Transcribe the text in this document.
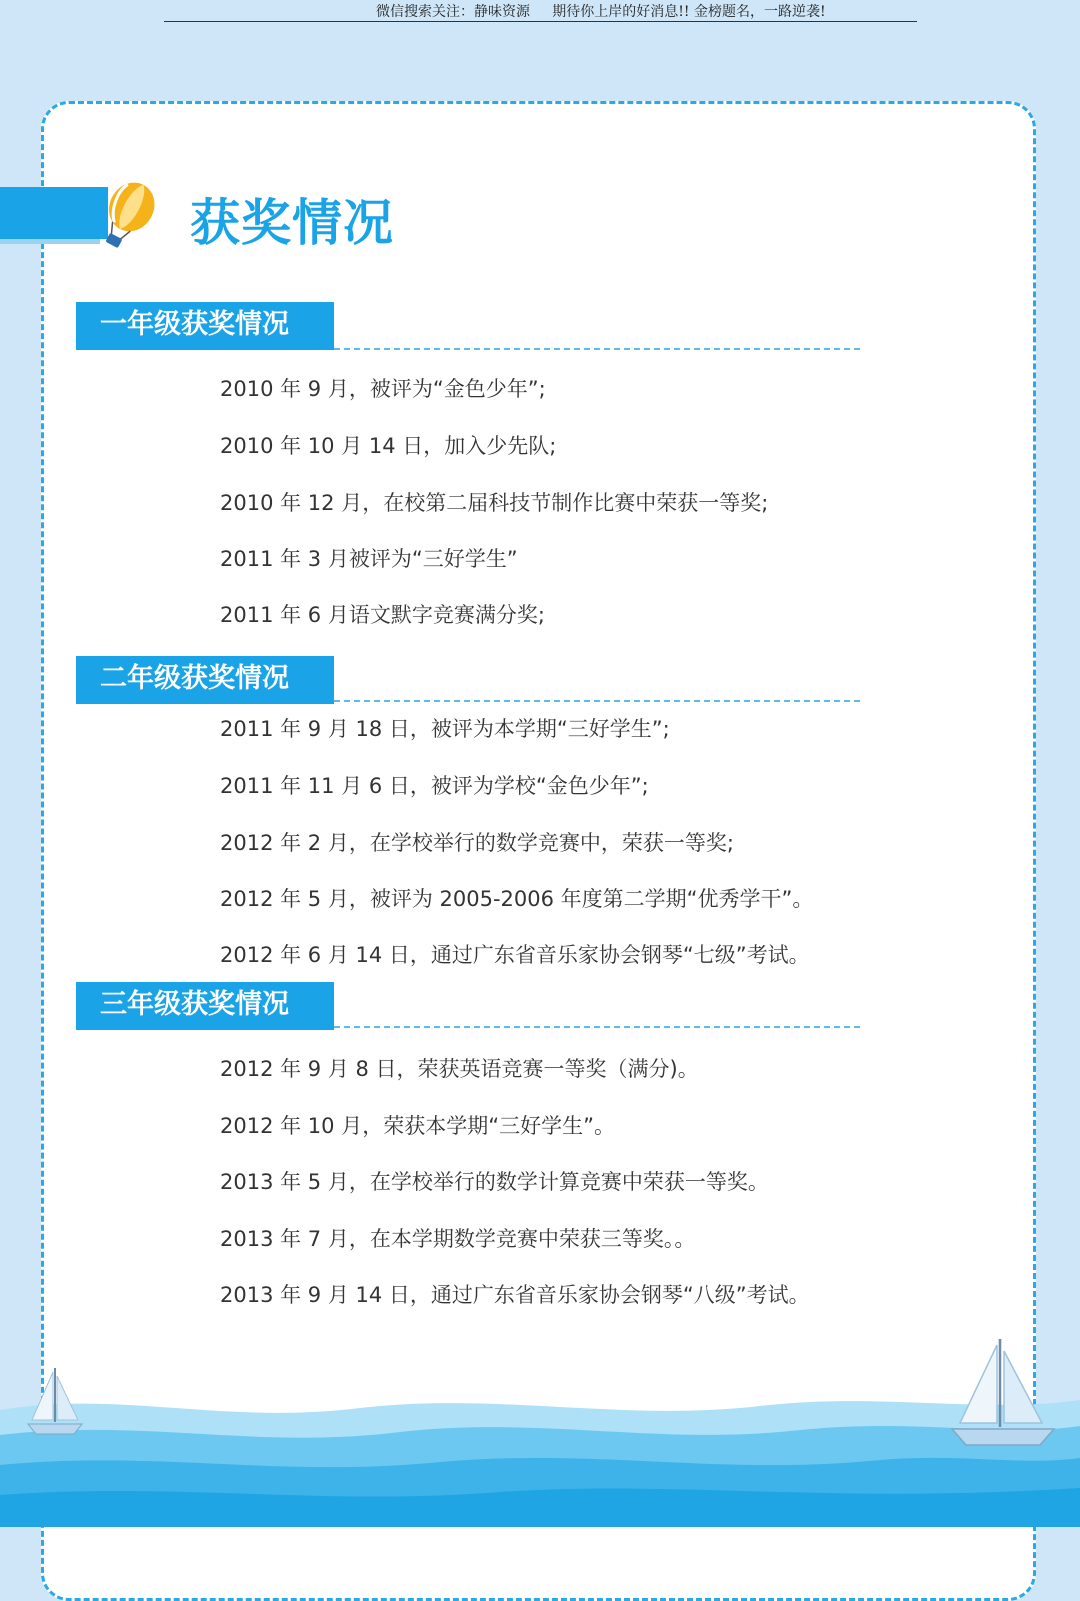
微信搜索关注：静味资源     期待你上岸的好消息!! 金榜题名，一路逆袭!
获奖情况
一年级获奖情况
2010 年 9 月，被评为“金色少年”;
2010 年 10 月 14 日，加入少先队;
2010 年 12 月，在校第二届科技节制作比赛中荣获一等奖;
2011 年 3 月被评为“三好学生”
2011 年 6 月语文默字竞赛满分奖;
二年级获奖情况
2011 年 9 月 18 日，被评为本学期“三好学生”;
2011 年 11 月 6 日，被评为学校“金色少年”;
2012 年 2 月，在学校举行的数学竞赛中，荣获一等奖;
2012 年 5 月，被评为 2005-2006 年度第二学期“优秀学干”。
2012 年 6 月 14 日，通过广东省音乐家协会钢琴“七级”考试。
三年级获奖情况
2012 年 9 月 8 日，荣获英语竞赛一等奖（满分)。
2012 年 10 月，荣获本学期“三好学生”。
2013 年 5 月，在学校举行的数学计算竞赛中荣获一等奖。
2013 年 7 月，在本学期数学竞赛中荣获三等奖。。
2013 年 9 月 14 日，通过广东省音乐家协会钢琴“八级”考试。
